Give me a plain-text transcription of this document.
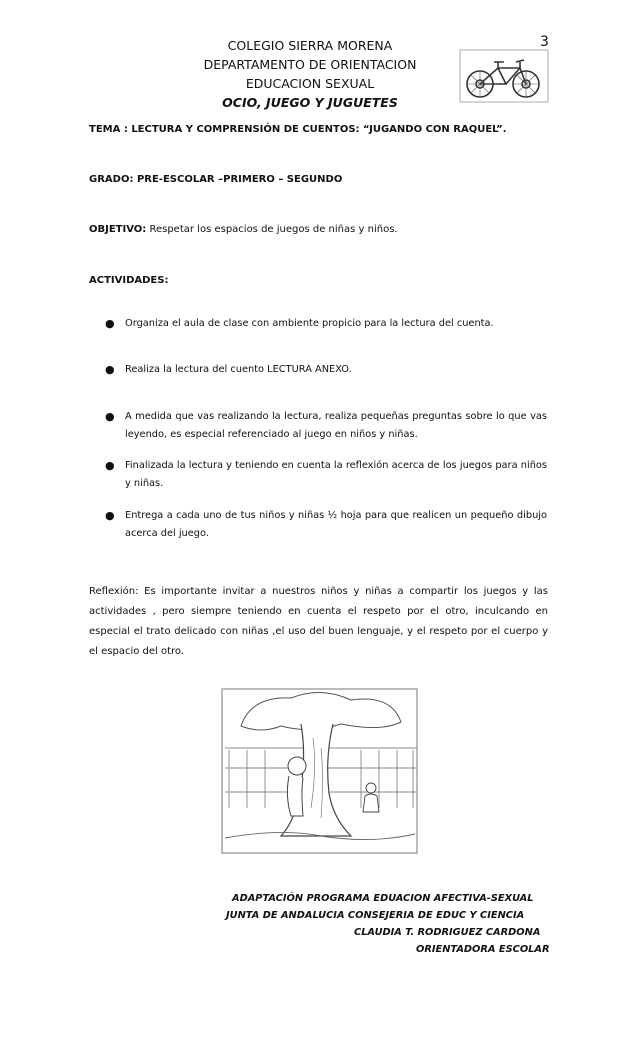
3
COLEGIO SIERRA MORENA
DEPARTAMENTO DE ORIENTACION
EDUCACION SEXUAL
OCIO, JUEGO Y JUGUETES
TEMA : LECTURA Y COMPRENSIÓN DE CUENTOS: “JUGANDO CON RAQUEL”.
GRADO: PRE-ESCOLAR –PRIMERO – SEGUNDO
OBJETIVO: Respetar los espacios de juegos de niñas y niños.
ACTIVIDADES:
● Organiza el aula de clase con ambiente propicio para la lectura del cuenta.
● Realiza la lectura del cuento LECTURA ANEXO.
● A medida que vas realizando la lectura, realiza pequeñas preguntas sobre lo que vas leyendo, es especial referenciado al juego en niños y niñas.
● Finalizada la lectura y teniendo en cuenta la reflexión acerca de los juegos para niños y niñas.
● Entrega a cada uno de tus niños y niñas ½ hoja para que realicen un pequeño dibujo acerca del juego.
Reflexión: Es importante invitar a nuestros niños y niñas a compartir los juegos y las actividades , pero siempre teniendo en cuenta el respeto por el otro, inculcando en especial el trato delicado con niñas ,el uso del buen lenguaje, y el respeto por el cuerpo y el espacio del otro.
ADAPTACIÓN PROGRAMA EDUACION AFECTIVA-SEXUAL
JUNTA DE ANDALUCIA CONSEJERIA DE EDUC Y CIENCIA
CLAUDIA T. RODRIGUEZ CARDONA
ORIENTADORA ESCOLAR
